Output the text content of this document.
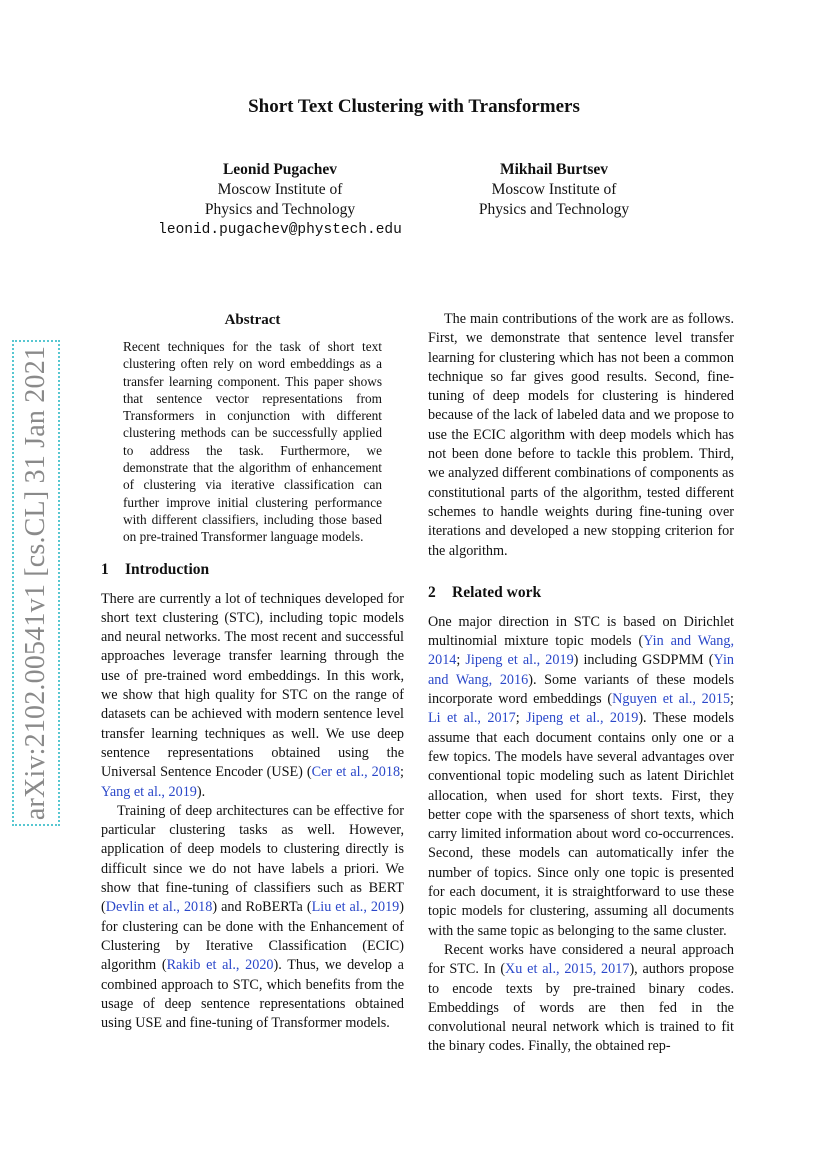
Short Text Clustering with Transformers
Leonid Pugachev
Moscow Institute of
Physics and Technology
leonid.pugachev@phystech.edu
Mikhail Burtsev
Moscow Institute of
Physics and Technology
arXiv:2102.00541v1 [cs.CL] 31 Jan 2021
Abstract

Recent techniques for the task of short text clustering often rely on word embeddings as a transfer learning component. This paper shows that sentence vector representations from Transformers in conjunction with different clustering methods can be successfully applied to address the task. Furthermore, we demonstrate that the algorithm of enhancement of clustering via iterative classification can further improve initial clustering performance with different classifiers, including those based on pre-trained Transformer language models.

1 Introduction

There are currently a lot of techniques developed for short text clustering (STC), including topic models and neural networks. The most recent and successful approaches leverage transfer learning through the use of pre-trained word embeddings. In this work, we show that high quality for STC on the range of datasets can be achieved with modern sentence level transfer learning techniques as well. We use deep sentence representations obtained using the Universal Sentence Encoder (USE) (Cer et al., 2018; Yang et al., 2019).

Training of deep architectures can be effective for particular clustering tasks as well. However, application of deep models to clustering directly is difficult since we do not have labels a priori. We show that fine-tuning of classifiers such as BERT (Devlin et al., 2018) and RoBERTa (Liu et al., 2019) for clustering can be done with the Enhancement of Clustering by Iterative Classification (ECIC) algorithm (Rakib et al., 2020). Thus, we develop a combined approach to STC, which benefits from the usage of deep sentence representations obtained using USE and fine-tuning of Transformer models.

The main contributions of the work are as follows. First, we demonstrate that sentence level transfer learning for clustering which has not been a common technique so far gives good results. Second, fine-tuning of deep models for clustering is hindered because of the lack of labeled data and we propose to use the ECIC algorithm with deep models which has not been done before to tackle this problem. Third, we analyzed different combinations of components as constitutional parts of the algorithm, tested different schemes to handle weights during fine-tuning over iterations and developed a new stopping criterion for the algorithm.

2 Related work

One major direction in STC is based on Dirichlet multinomial mixture topic models (Yin and Wang, 2014; Jipeng et al., 2019) including GSDPMM (Yin and Wang, 2016). Some variants of these models incorporate word embeddings (Nguyen et al., 2015; Li et al., 2017; Jipeng et al., 2019). These models assume that each document contains only one or a few topics. The models have several advantages over conventional topic modeling such as latent Dirichlet allocation, when used for short texts. First, they better cope with the sparseness of short texts, which carry limited information about word co-occurrences. Second, these models can automatically infer the number of topics. Since only one topic is presented for each document, it is straightforward to use these topic models for clustering, assuming all documents with the same topic as belonging to the same cluster.

Recent works have considered a neural approach for STC. In (Xu et al., 2015, 2017), authors propose to encode texts by pre-trained binary codes. Embeddings of words are then fed in the convolutional neural network which is trained to fit the binary codes. Finally, the obtained rep-
